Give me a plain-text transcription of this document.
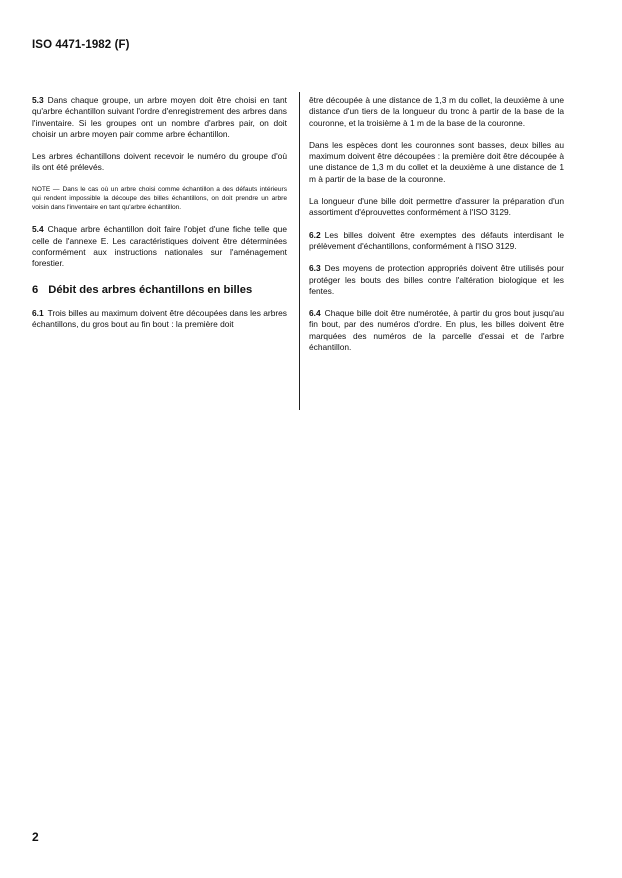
ISO 4471-1982 (F)

5.3 Dans chaque groupe, un arbre moyen doit être choisi en tant qu'arbre échantillon suivant l'ordre d'enregistrement des arbres dans l'inventaire. Si les groupes ont un nombre d'arbres pair, on doit choisir un arbre moyen pair comme arbre échantillon.

Les arbres échantillons doivent recevoir le numéro du groupe d'où ils ont été prélevés.

NOTE — Dans le cas où un arbre choisi comme échantillon a des défauts intérieurs qui rendent impossible la découpe des billes échantillons, on doit prendre un arbre voisin dans l'inventaire en tant qu'arbre échantillon.

5.4 Chaque arbre échantillon doit faire l'objet d'une fiche telle que celle de l'annexe E. Les caractéristiques doivent être déterminées conformément aux instructions nationales sur l'aménagement forestier.

6 Débit des arbres échantillons en billes

6.1 Trois billes au maximum doivent être découpées dans les arbres échantillons, du gros bout au fin bout : la première doit

être découpée à une distance de 1,3 m du collet, la deuxième à une distance d'un tiers de la longueur du tronc à partir de la base de la couronne, et la troisième à 1 m de la base de la couronne.

Dans les espèces dont les couronnes sont basses, deux billes au maximum doivent être découpées : la première doit être découpée à une distance de 1,3 m du collet et la deuxième à une distance de 1 m à partir de la base de la couronne.

La longueur d'une bille doit permettre d'assurer la préparation d'un assortiment d'éprouvettes conformément à l'ISO 3129.

6.2 Les billes doivent être exemptes des défauts interdisant le prélèvement d'échantillons, conformément à l'ISO 3129.

6.3 Des moyens de protection appropriés doivent être utilisés pour protéger les bouts des billes contre l'altération biologique et les fentes.

6.4 Chaque bille doit être numérotée, à partir du gros bout jusqu'au fin bout, par des numéros d'ordre. En plus, les billes doivent être marquées des numéros de la parcelle d'essai et de l'arbre échantillon.

2
